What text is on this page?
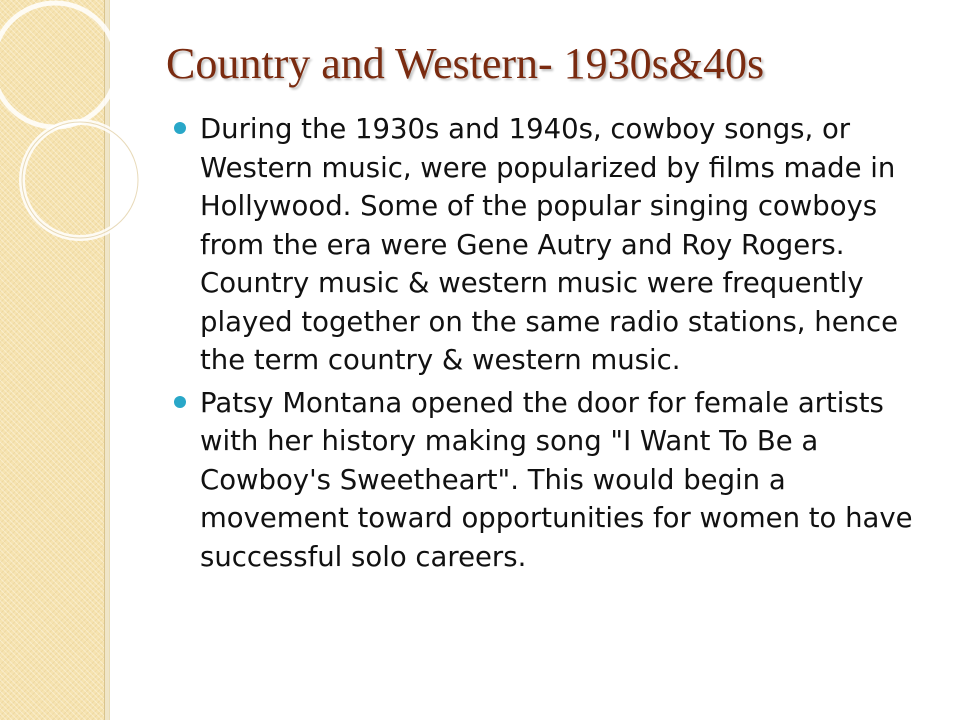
Country and Western- 1930s&40s
During the 1930s and 1940s, cowboy songs, or Western music, were popularized by films made in Hollywood. Some of the popular singing cowboys from the era were Gene Autry and Roy Rogers. Country music & western music were frequently played together on the same radio stations, hence the term country & western music.
Patsy Montana opened the door for female artists with her history making song "I Want To Be a Cowboy's Sweetheart". This would begin a movement toward opportunities for women to have successful solo careers.
